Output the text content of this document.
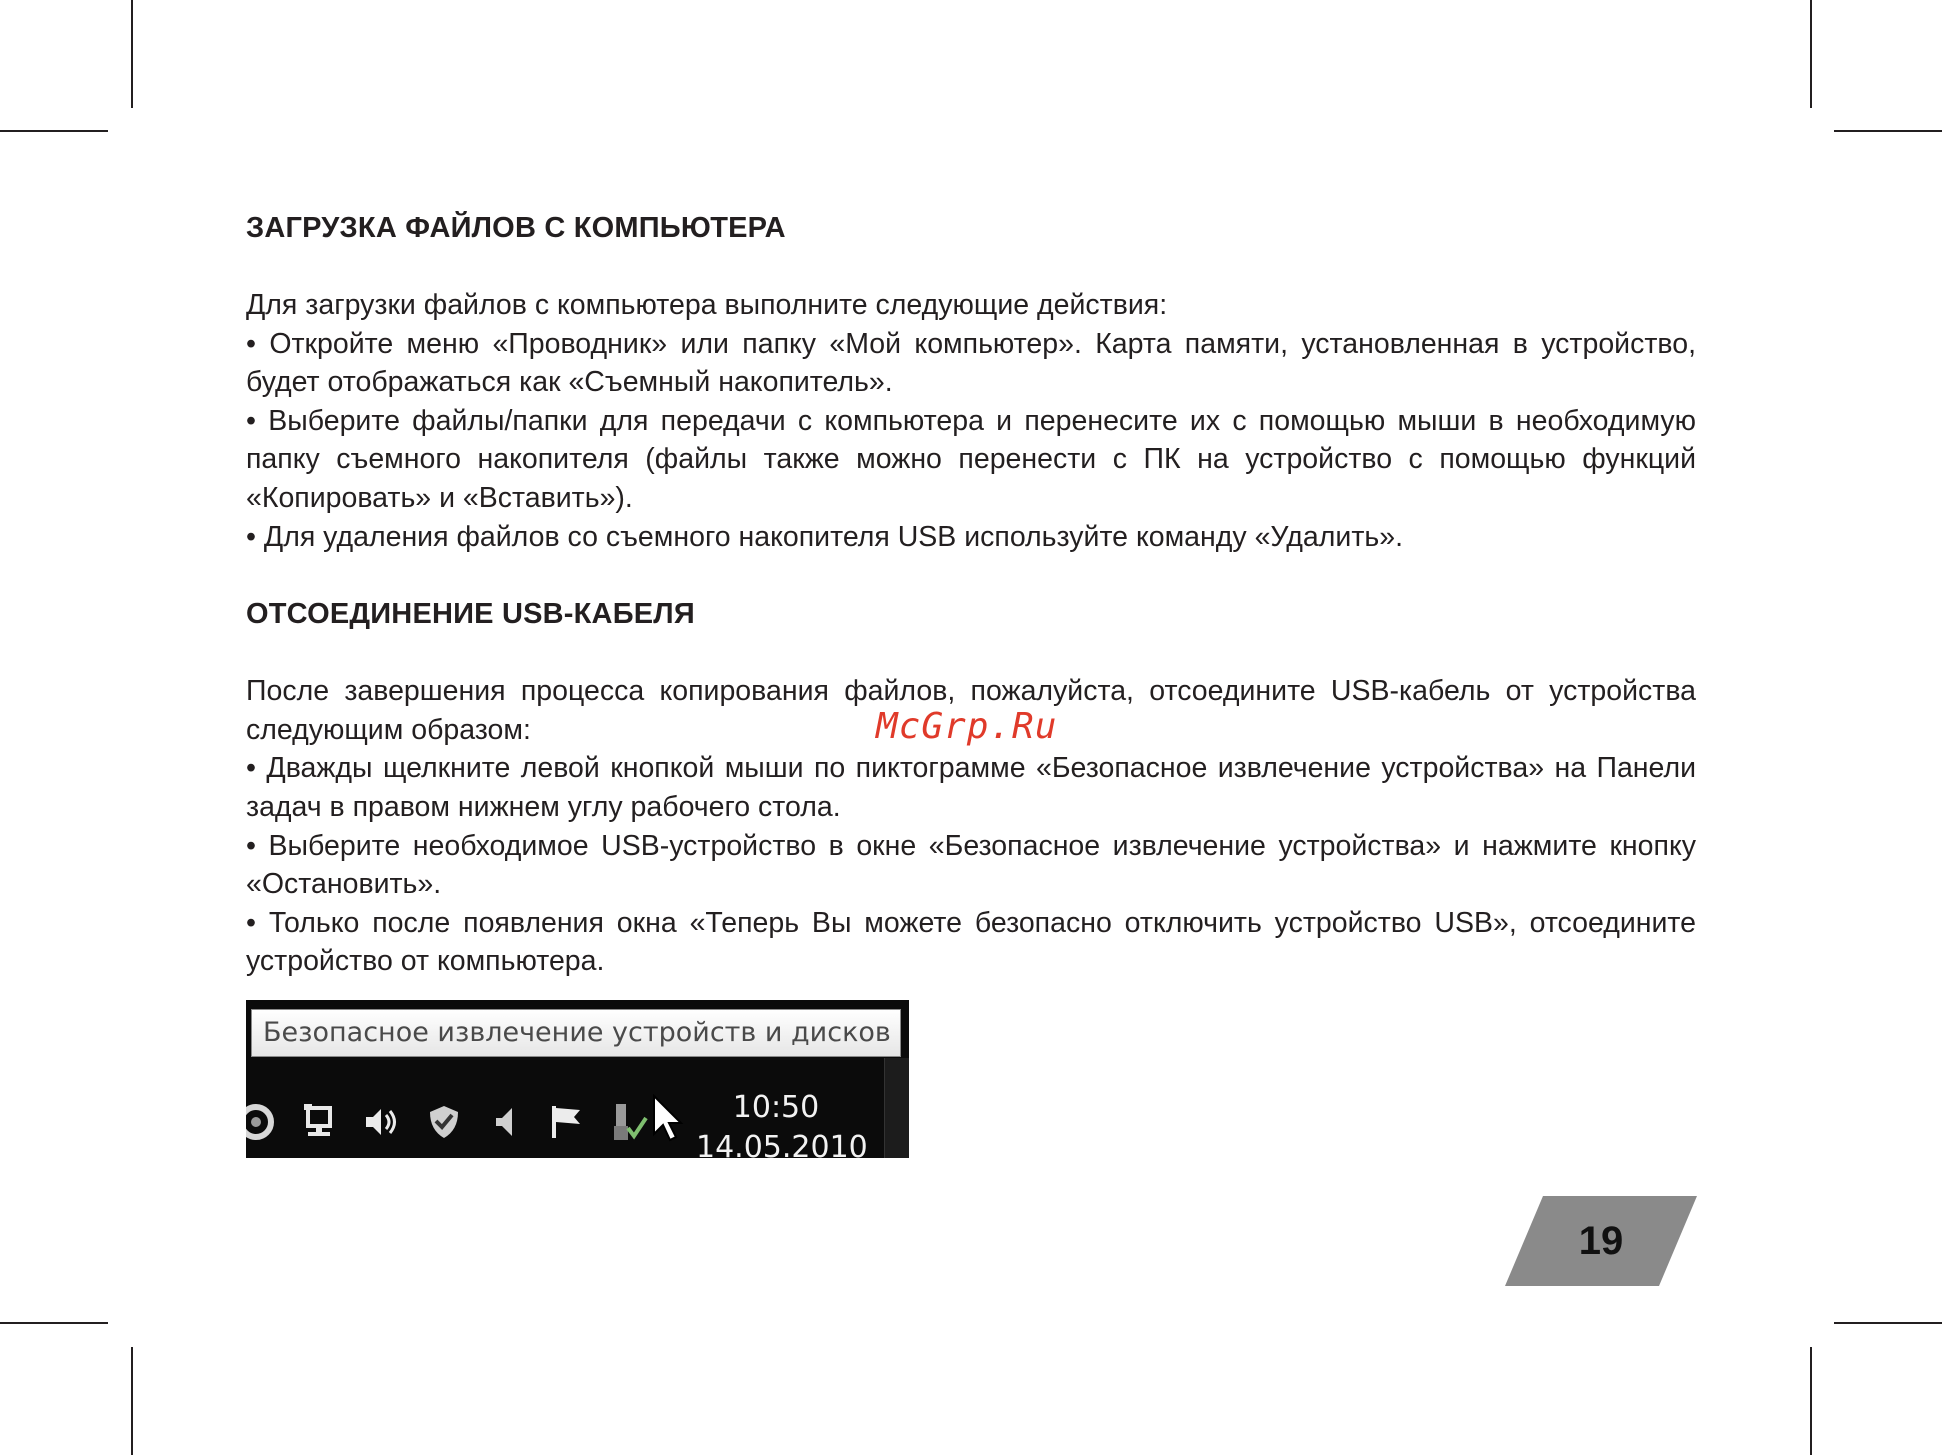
ЗАГРУЗКА ФАЙЛОВ С КОМПЬЮТЕРА

Для загрузки файлов с компьютера выполните следующие действия:

• Откройте меню «Проводник» или папку «Мой компьютер». Карта памяти, установленная в устройство, будет отображаться как «Съемный накопитель».

• Выберите файлы/папки для передачи с компьютера и перенесите их с помощью мыши в необходимую папку съемного накопителя (файлы также можно перенести с ПК на устройство с помощью функций «Копировать» и «Вставить»).

• Для удаления файлов со съемного накопителя USB используйте команду «Удалить».

ОТСОЕДИНЕНИЕ USB-КАБЕЛЯ

После завершения процесса копирования файлов, пожалуйста, отсоедините USB-кабель от устройства следующим образом:

• Дважды щелкните левой кнопкой мыши по пиктограмме «Безопасное извлечение устройства» на Панели задач в правом нижнем углу рабочего стола.

• Выберите необходимое USB-устройство в окне «Безопасное извлечение устройства» и нажмите кнопку «Остановить».

• Только после появления окна «Теперь Вы можете безопасно отключить устройство USB», отсоедините устройство от компьютера.

McGrp.Ru
Безопасное извлечение устройств и дисков
10:50
14.05.2010
19
